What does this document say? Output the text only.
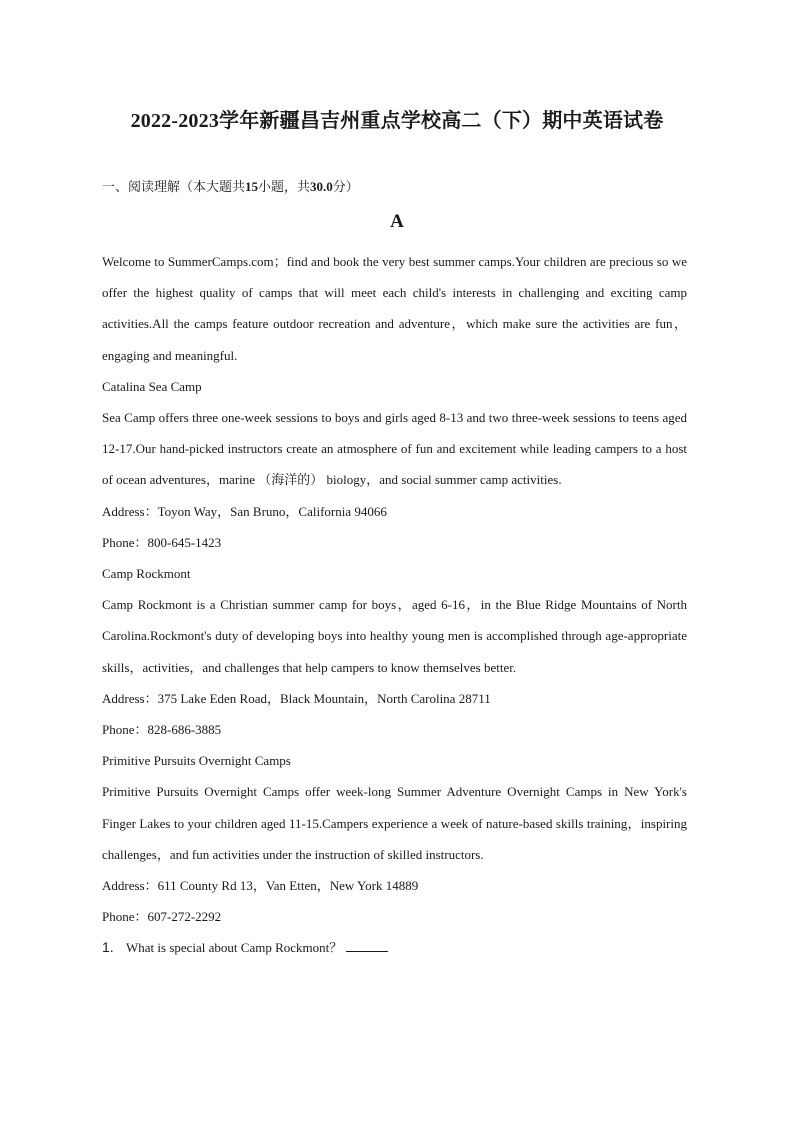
2022-2023学年新疆昌吉州重点学校高二（下）期中英语试卷
一、阅读理解（本大题共15小题，共30.0分）
A

Welcome to SummerCamps.com；find and book the very best summer camps.Your children are precious so we offer the highest quality of camps that will meet each child's interests in challenging and exciting camp activities.All the camps feature outdoor recreation and adventure，which make sure the activities are fun，engaging and meaningful.

Catalina Sea Camp

Sea Camp offers three one-week sessions to boys and girls aged 8-13 and two three-week sessions to teens aged 12-17.Our hand-picked instructors create an atmosphere of fun and excitement while leading campers to a host of ocean adventures，marine （海洋的） biology，and social summer camp activities.

Address：Toyon Way，San Bruno，California 94066

Phone：800-645-1423

Camp Rockmont

Camp Rockmont is a Christian summer camp for boys，aged 6-16，in the Blue Ridge Mountains of North Carolina.Rockmont's duty of developing boys into healthy young men is accomplished through age-appropriate skills，activities，and challenges that help campers to know themselves better.

Address：375 Lake Eden Road，Black Mountain，North Carolina 28711

Phone：828-686-3885

Primitive Pursuits Overnight Camps

Primitive Pursuits Overnight Camps offer week-long Summer Adventure Overnight Camps in New York's Finger Lakes to your children aged 11-15.Campers experience a week of nature-based skills training，inspiring challenges，and fun activities under the instruction of skilled instructors.

Address：611 County Rd 13，Van Etten，New York 14889

Phone：607-272-2292

1. What is special about Camp Rockmont？
